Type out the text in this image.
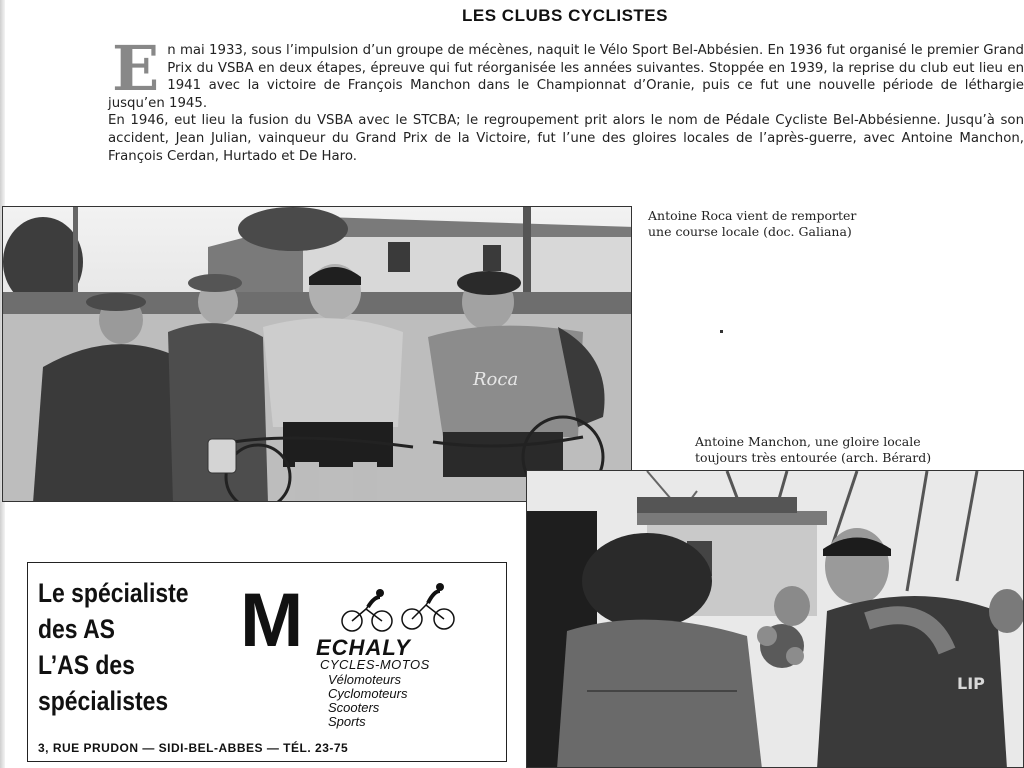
LES CLUBS CYCLISTES

En mai 1933, sous l’impulsion d’un groupe de mécènes, naquit le Vélo Sport Bel-Abbésien. En 1936 fut organisé le premier Grand Prix du VSBA en deux étapes, épreuve qui fut réorganisée les années suivantes. Stoppée en 1939, la reprise du club eut lieu en 1941 avec la victoire de François Manchon dans le Championnat d’Oranie, puis ce fut une nouvelle période de léthargie jusqu’en 1945.

En 1946, eut lieu la fusion du VSBA avec le STCBA; le regroupement prit alors le nom de Pédale Cycliste Bel-Abbésienne. Jusqu’à son accident, Jean Julian, vainqueur du Grand Prix de la Victoire, fut l’une des gloires locales de l’après-guerre, avec Antoine Manchon, François Cerdan, Hurtado et De Haro.

Roca
Antoine Roca vient de remporter
une course locale (doc. Galiana)
Antoine Manchon, une gloire locale
toujours très entourée (arch. Bérard)
LIP
Le spécialiste
des AS
L’AS des
spécialistes
M ECHALY
CYCLES-MOTOS
Vélomoteurs
Cyclomoteurs
Scooters
Sports
3, RUE PRUDON — SIDI-BEL-ABBES — TÉL. 23-75
